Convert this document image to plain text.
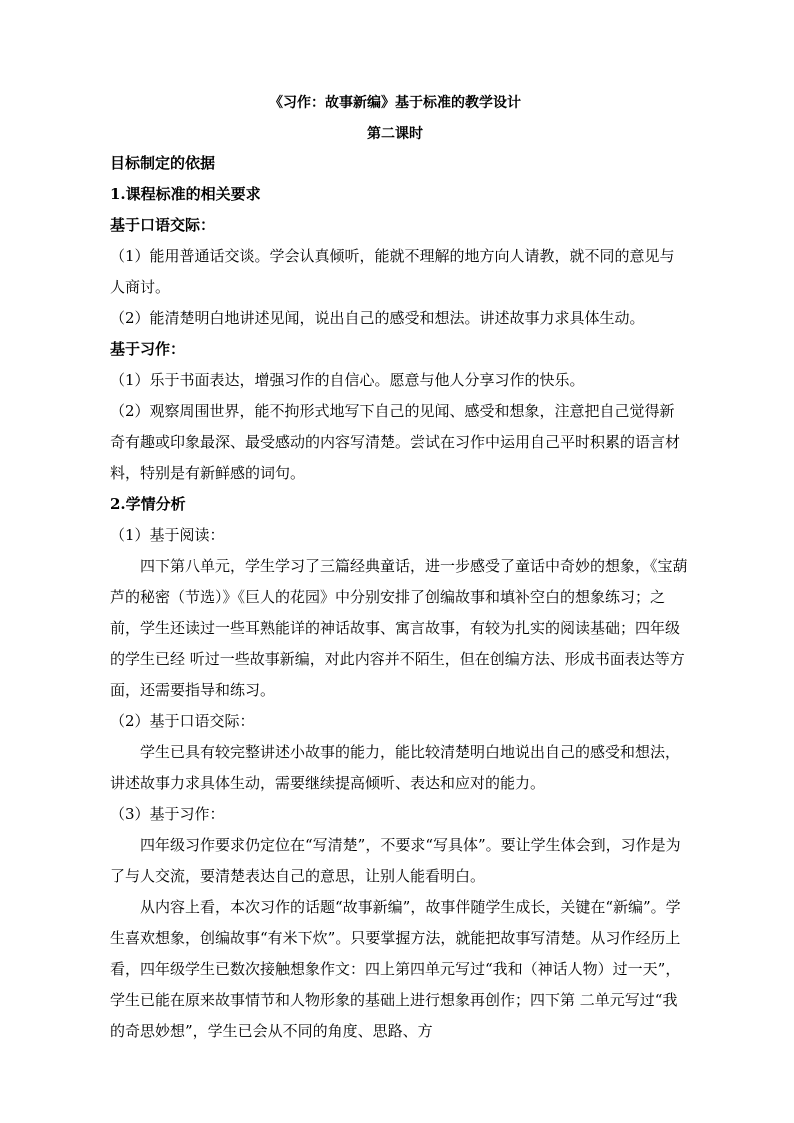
《习作：故事新编》基于标准的教学设计
第二课时

目标制定的依据

1.课程标准的相关要求

基于口语交际：

（1）能用普通话交谈。学会认真倾听，能就不理解的地方向人请教，就不同的意见与人商讨。

（2）能清楚明白地讲述见闻，说出自己的感受和想法。讲述故事力求具体生动。

基于习作：

（1）乐于书面表达，增强习作的自信心。愿意与他人分享习作的快乐。

（2）观察周围世界，能不拘形式地写下自己的见闻、感受和想象，注意把自己觉得新奇有趣或印象最深、最受感动的内容写清楚。尝试在习作中运用自己平时积累的语言材料，特别是有新鲜感的词句。

2.学情分析

（1）基于阅读：

四下第八单元，学生学习了三篇经典童话，进一步感受了童话中奇妙的想象，《宝葫芦的秘密（节选）》《巨人的花园》中分别安排了创编故事和填补空白的想象练习；之前，学生还读过一些耳熟能详的神话故事、寓言故事，有较为扎实的阅读基础；四年级的学生已经 听过一些故事新编，对此内容并不陌生，但在创编方法、形成书面表达等方面，还需要指导和练习。

（2）基于口语交际：

学生已具有较完整讲述小故事的能力，能比较清楚明白地说出自己的感受和想法，讲述故事力求具体生动，需要继续提高倾听、表达和应对的能力。

（3）基于习作：

四年级习作要求仍定位在“写清楚”，不要求“写具体”。要让学生体会到，习作是为了与人交流，要清楚表达自己的意思，让别人能看明白。

从内容上看，本次习作的话题“故事新编”，故事伴随学生成长，关键在“新编”。学生喜欢想象，创编故事“有米下炊”。只要掌握方法，就能把故事写清楚。从习作经历上看，四年级学生已数次接触想象作文：四上第四单元写过“我和（神话人物）过一天”，学生已能在原来故事情节和人物形象的基础上进行想象再创作；四下第 二单元写过“我的奇思妙想”，学生已会从不同的角度、思路、方
